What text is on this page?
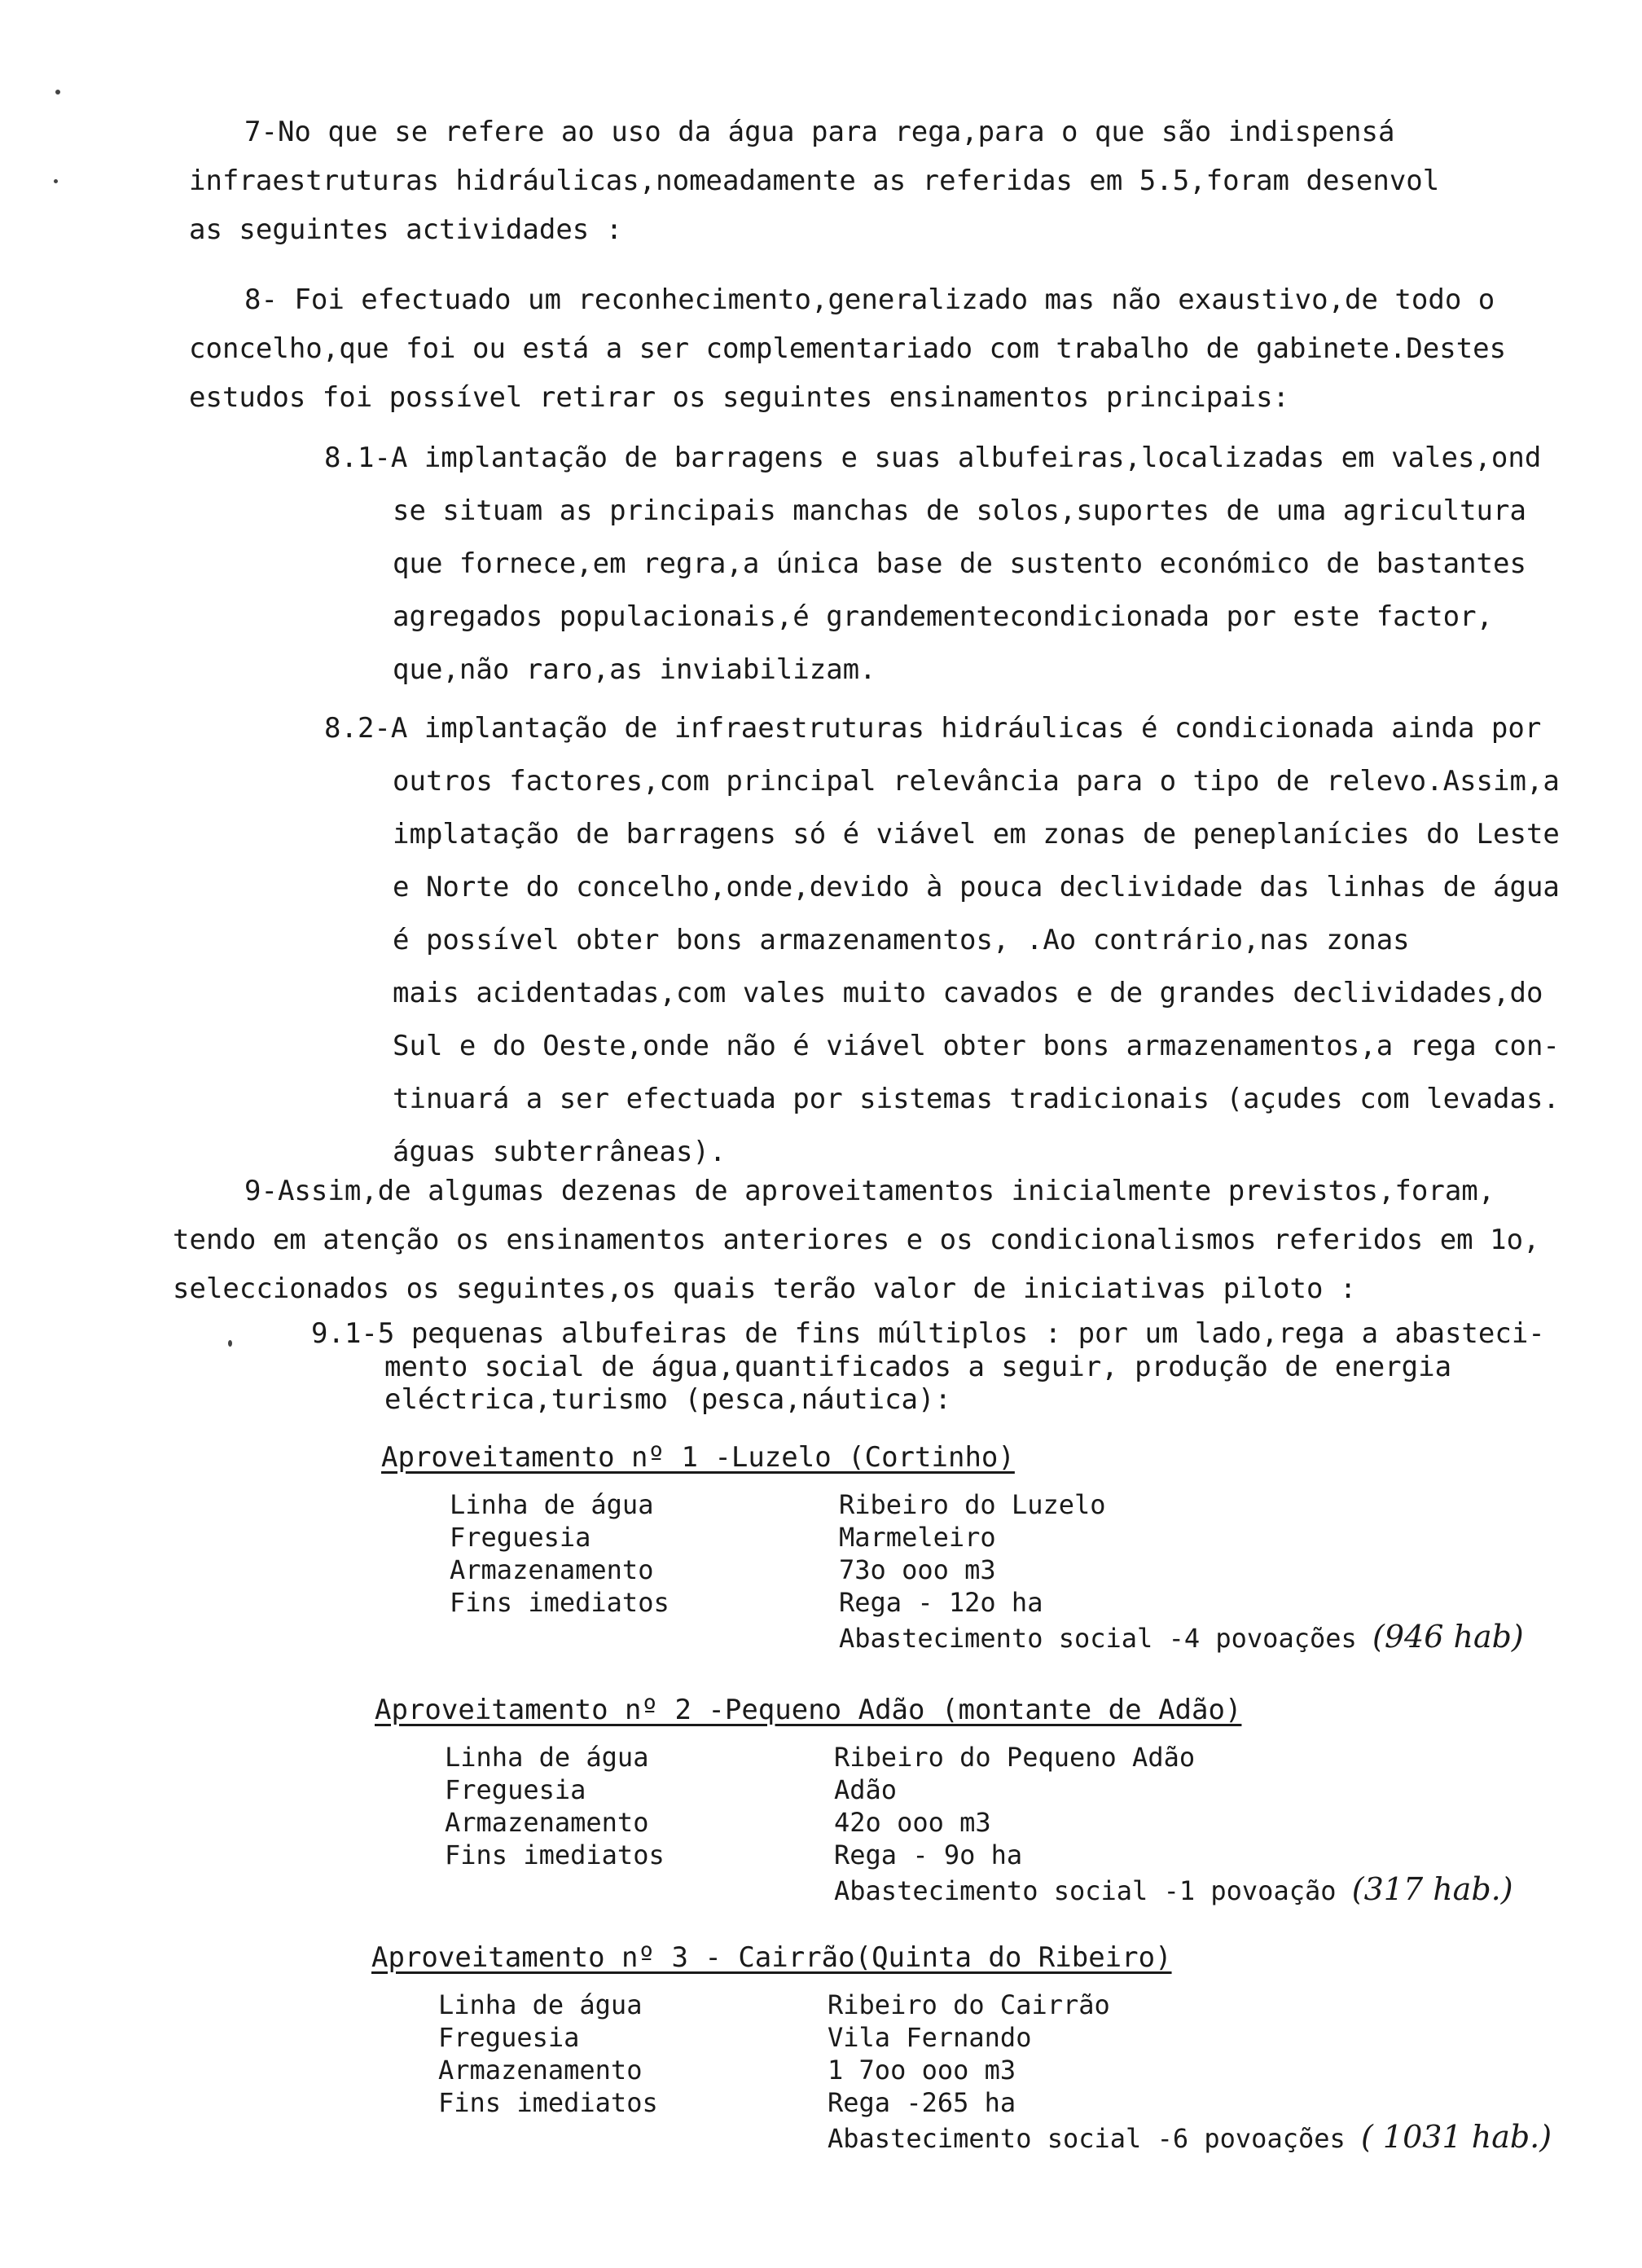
7-No que se refere ao uso da água para rega,para o que são indispensá
infraestruturas hidráulicas,nomeadamente as referidas em 5.5,foram desenvol
as seguintes actividades :
8- Foi efectuado um reconhecimento,generalizado mas não exaustivo,de todo o
concelho,que foi ou está a ser complementariado com trabalho de gabinete.Destes
estudos foi possível retirar os seguintes ensinamentos principais:
8.1-A implantação de barragens e suas albufeiras,localizadas em vales,ond
se situam as principais manchas de solos,suportes de uma agricultura
que fornece,em regra,a única base de sustento económico de bastantes
agregados populacionais,é grandementecondicionada por este factor,
que,não raro,as inviabilizam.
8.2-A implantação de infraestruturas hidráulicas é condicionada ainda por
outros factores,com principal relevância para o tipo de relevo.Assim,a
implatação de barragens só é viável em zonas de peneplanícies do Leste
e Norte do concelho,onde,devido à pouca declividade das linhas de água
é possível obter bons armazenamentos, .Ao contrário,nas zonas
mais acidentadas,com vales muito cavados e de grandes declividades,do
Sul e do Oeste,onde não é viável obter bons armazenamentos,a rega con-
tinuará a ser efectuada por sistemas tradicionais (açudes com levadas.
águas subterrâneas).
9-Assim,de algumas dezenas de aproveitamentos inicialmente previstos,foram,
tendo em atenção os ensinamentos anteriores e os condicionalismos referidos em 1o,
seleccionados os seguintes,os quais terão valor de iniciativas piloto :
9.1-5 pequenas albufeiras de fins múltiplos : por um lado,rega a abasteci-
mento social de água,quantificados a seguir, produção de energia
eléctrica,turismo (pesca,náutica):
Aproveitamento nº 1 -Luzelo (Cortinho)
Linha de água	Ribeiro do Luzelo
Freguesia	Marmeleiro
Armazenamento	73o ooo m3
Fins imediatos	Rega - 12o ha
Abastecimento social -4 povoações (946 hab)
Aproveitamento nº 2 -Pequeno Adão (montante de Adão)
Linha de água	Ribeiro do Pequeno Adão
Freguesia	Adão
Armazenamento	42o ooo m3
Fins imediatos	Rega - 9o ha
Abastecimento social -1 povoação (317 hab.)
Aproveitamento nº 3 - Cairrão(Quinta do Ribeiro)
Linha de água	Ribeiro do Cairrão
Freguesia	Vila Fernando
Armazenamento	1 7oo ooo m3
Fins imediatos	Rega -265 ha
Abastecimento social -6 povoações ( 1031 hab.)
